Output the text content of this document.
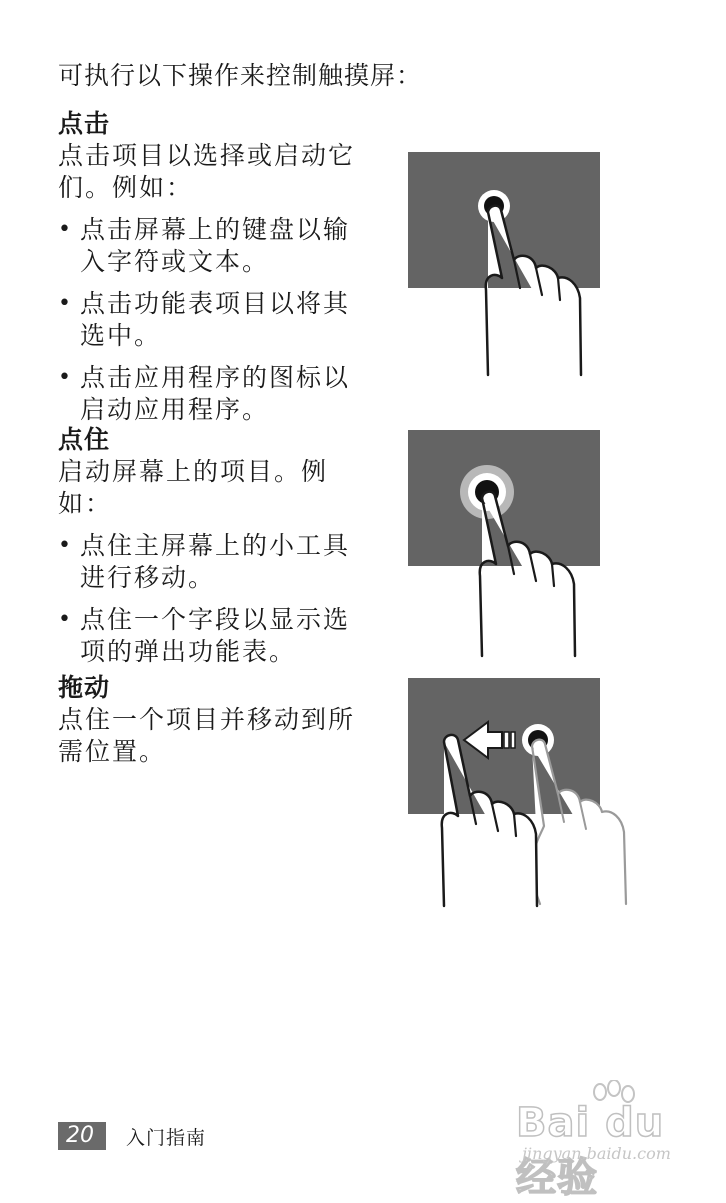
可执行以下操作来控制触摸屏：
点击
点击项目以选择或启动它
们。例如：
• 点击屏幕上的键盘以输
入字符或文本。
• 点击功能表项目以将其
选中。
• 点击应用程序的图标以
启动应用程序。
点住
启动屏幕上的项目。例
如：
• 点住主屏幕上的小工具
进行移动。
• 点住一个字段以显示选
项的弹出功能表。
拖动
点住一个项目并移动到所
需位置。
20	入门指南	Bai du 经验
jingyan.baidu.com
